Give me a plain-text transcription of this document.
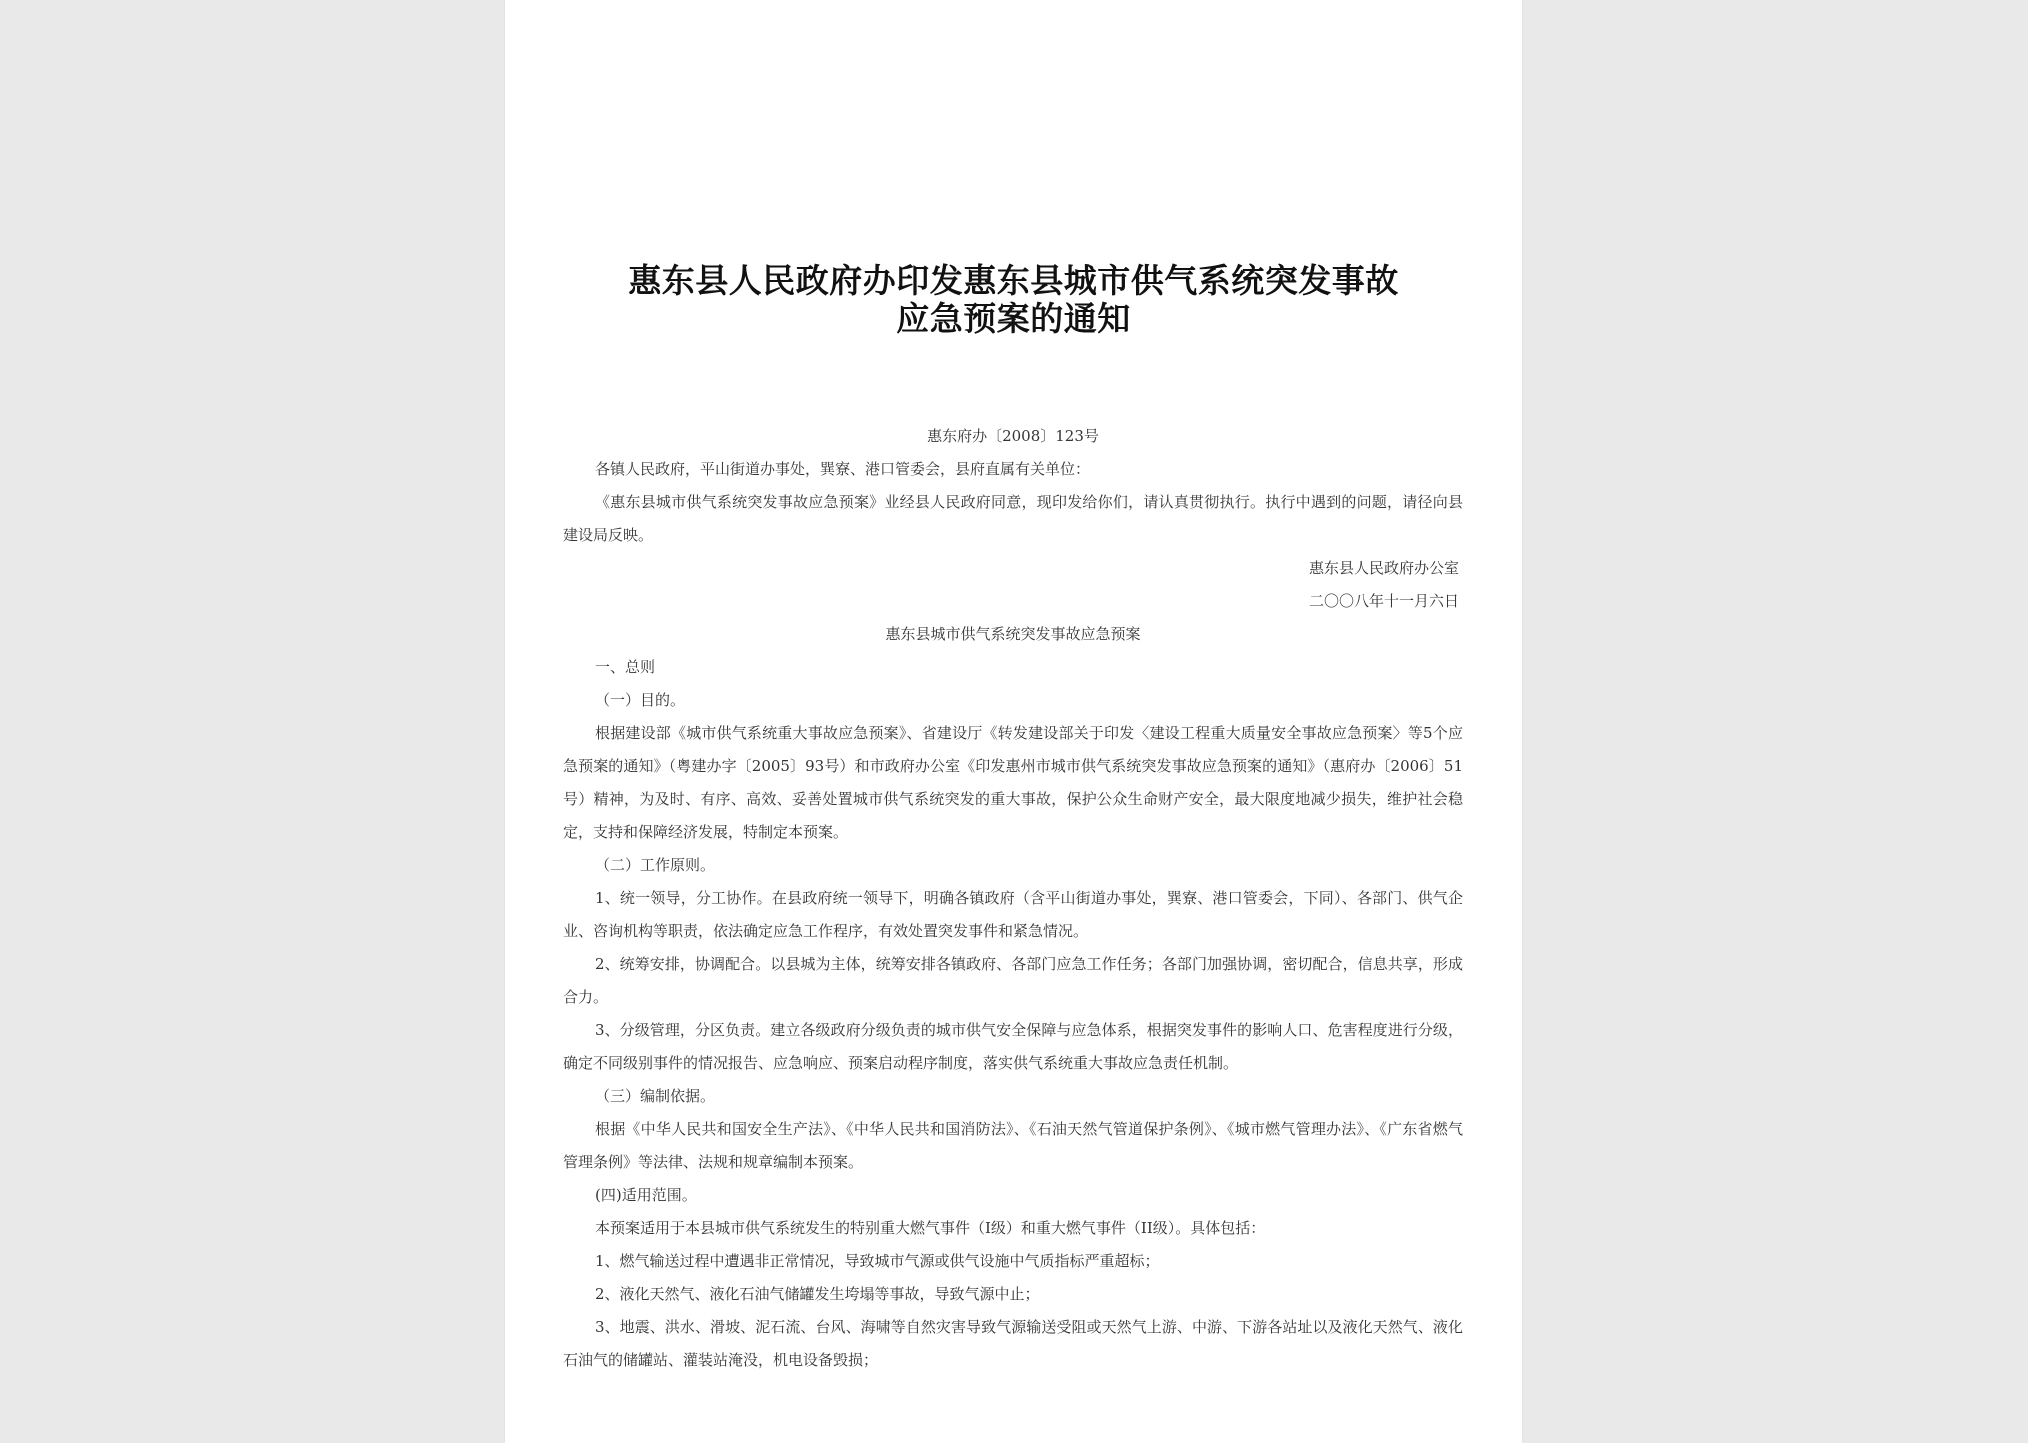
惠东县人民政府办印发惠东县城市供气系统突发事故
应急预案的通知

惠东府办〔2008〕123号

各镇人民政府，平山街道办事处，巽寮、港口管委会，县府直属有关单位：

《惠东县城市供气系统突发事故应急预案》业经县人民政府同意，现印发给你们，请认真贯彻执行。执行中遇到的问题，请径向县建设局反映。

惠东县人民政府办公室

二〇〇八年十一月六日

惠东县城市供气系统突发事故应急预案

一、总则

（一）目的。

根据建设部《城市供气系统重大事故应急预案》、省建设厅《转发建设部关于印发〈建设工程重大质量安全事故应急预案〉等5个应急预案的通知》（粤建办字〔2005〕93号）和市政府办公室《印发惠州市城市供气系统突发事故应急预案的通知》（惠府办〔2006〕51号）精神，为及时、有序、高效、妥善处置城市供气系统突发的重大事故，保护公众生命财产安全，最大限度地减少损失，维护社会稳定，支持和保障经济发展，特制定本预案。

（二）工作原则。

1、统一领导，分工协作。在县政府统一领导下，明确各镇政府（含平山街道办事处，巽寮、港口管委会，下同）、各部门、供气企业、咨询机构等职责，依法确定应急工作程序，有效处置突发事件和紧急情况。

2、统筹安排，协调配合。以县城为主体，统筹安排各镇政府、各部门应急工作任务；各部门加强协调，密切配合，信息共享，形成合力。

3、分级管理，分区负责。建立各级政府分级负责的城市供气安全保障与应急体系，根据突发事件的影响人口、危害程度进行分级，确定不同级别事件的情况报告、应急响应、预案启动程序制度，落实供气系统重大事故应急责任机制。

（三）编制依据。

根据《中华人民共和国安全生产法》、《中华人民共和国消防法》、《石油天然气管道保护条例》、《城市燃气管理办法》、《广东省燃气管理条例》等法律、法规和规章编制本预案。

(四)适用范围。

本预案适用于本县城市供气系统发生的特别重大燃气事件（I级）和重大燃气事件（II级）。具体包括：

1、燃气输送过程中遭遇非正常情况，导致城市气源或供气设施中气质指标严重超标；

2、液化天然气、液化石油气储罐发生垮塌等事故，导致气源中止；

3、地震、洪水、滑坡、泥石流、台风、海啸等自然灾害导致气源输送受阻或天然气上游、中游、下游各站址以及液化天然气、液化石油气的储罐站、灌装站淹没，机电设备毁损；
